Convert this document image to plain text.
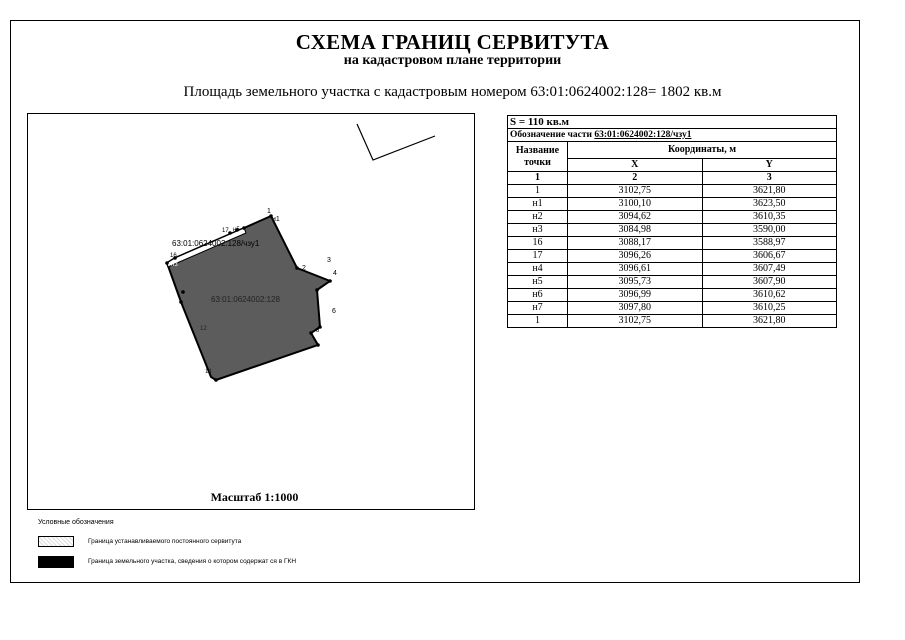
СХЕМА ГРАНИЦ СЕРВИТУТА
на кадастровом плане территории
Площадь земельного участка с кадастровым номером 63:01:0624002:128= 1802 кв.м
63:01:0624002:128
63:01:0624002:128/чзу1
1
н1
н5
17
н3
16
2
3
4
6
8
12
14
Масштаб 1:1000
S = 110 кв.м		
Обозначение части 63:01:0624002:128/чзу1		
Название точки	Координаты, м	
	X	Y
1	2	3
1	3102,75	3621,80
н1	3100,10	3623,50
н2	3094,62	3610,35
н3	3084,98	3590,00
16	3088,17	3588,97
17	3096,26	3606,67
н4	3096,61	3607,49
н5	3095,73	3607,90
н6	3096,99	3610,62
н7	3097,80	3610,25
1	3102,75	3621,80
Условные обозначения
Граница устанавливаемого постоянного сервитута
Граница земельного участка, сведения о котором содержат ся в ГКН
